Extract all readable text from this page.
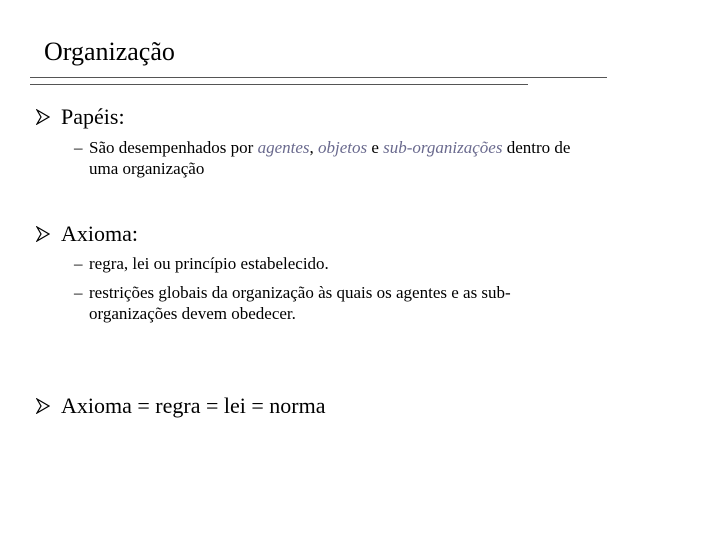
Organização
Papéis:
– São desempenhados por agentes, objetos e sub-organizações dentro de
uma organização
Axioma:
– regra, lei ou princípio estabelecido.
– restrições globais da organização às quais os agentes e as sub-
organizações devem obedecer.
Axioma = regra = lei = norma
